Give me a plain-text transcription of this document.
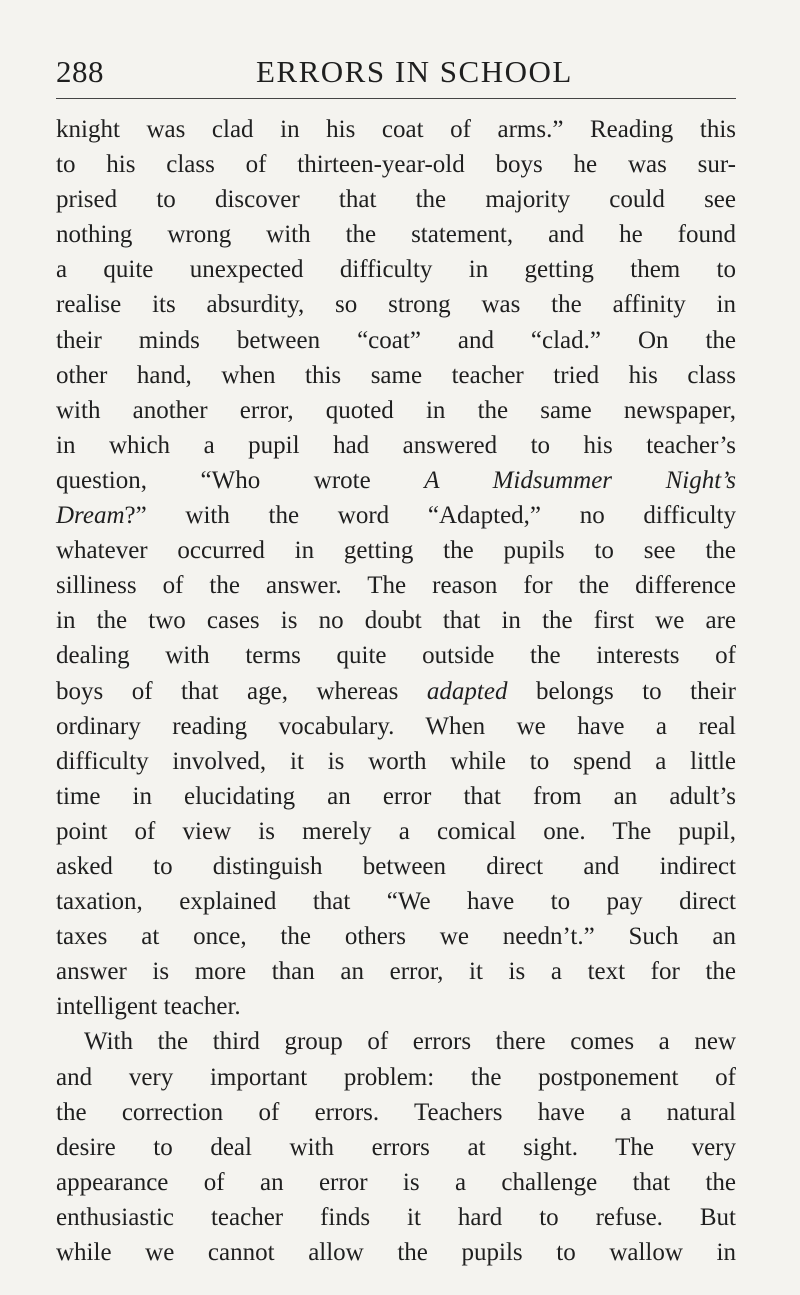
288	ERRORS IN SCHOOL
knight was clad in his coat of arms.” Reading this
to his class of thirteen-year-old boys he was sur-
prised to discover that the majority could see
nothing wrong with the statement, and he found
a quite unexpected difficulty in getting them to
realise its absurdity, so strong was the affinity in
their minds between “coat” and “clad.” On the
other hand, when this same teacher tried his class
with another error, quoted in the same newspaper,
in which a pupil had answered to his teacher’s
question, “Who wrote A Midsummer Night’s
Dream?” with the word “Adapted,” no difficulty
whatever occurred in getting the pupils to see the
silliness of the answer. The reason for the difference
in the two cases is no doubt that in the first we are
dealing with terms quite outside the interests of
boys of that age, whereas adapted belongs to their
ordinary reading vocabulary. When we have a real
difficulty involved, it is worth while to spend a little
time in elucidating an error that from an adult’s
point of view is merely a comical one. The pupil,
asked to distinguish between direct and indirect
taxation, explained that “We have to pay direct
taxes at once, the others we needn’t.” Such an
answer is more than an error, it is a text for the
intelligent teacher.
With the third group of errors there comes a new
and very important problem: the postponement of
the correction of errors. Teachers have a natural
desire to deal with errors at sight. The very
appearance of an error is a challenge that the
enthusiastic teacher finds it hard to refuse. But
while we cannot allow the pupils to wallow in
